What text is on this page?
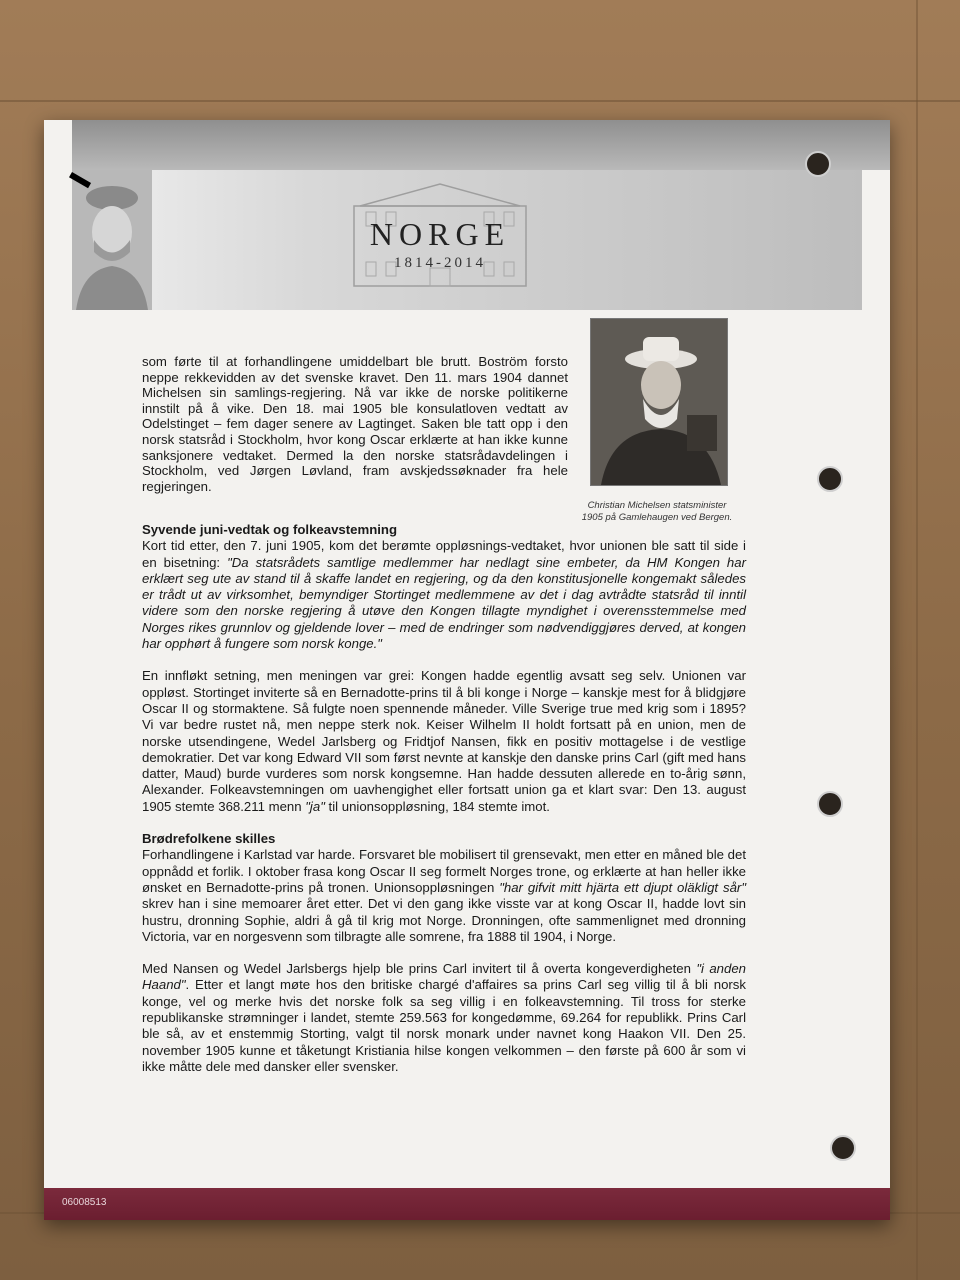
NORGE
1814-2014
Christian Michelsen statsminister
1905 på Gamlehaugen ved Bergen.

som førte til at forhandlingene umiddelbart ble brutt. Boström forsto neppe rekkevidden av det svenske kravet. Den 11. mars 1904 dannet Michelsen sin samlings-regjering. Nå var ikke de norske politikerne innstilt på å vike. Den 18. mai 1905 ble konsulatloven vedtatt av Odelstinget – fem dager senere av Lagtinget. Saken ble tatt opp i den norsk statsråd i Stockholm, hvor kong Oscar erklærte at han ikke kunne sanksjonere vedtaket. Dermed la den norske statsrådavdelingen i Stockholm, ved Jørgen Løvland, fram avskjedssøknader fra hele regjeringen.

Syvende juni-vedtak og folkeavstemning

Kort tid etter, den 7. juni 1905, kom det berømte oppløsnings-vedtaket, hvor unionen ble satt til side i en bisetning: "Da statsrådets samtlige medlemmer har nedlagt sine embeter, da HM Kongen har erklært seg ute av stand til å skaffe landet en regjering, og da den konstitusjonelle kongemakt således er trådt ut av virksomhet, bemyndiger Stortinget medlemmene av det i dag avtrådte statsråd til inntil videre som den norske regjering å utøve den Kongen tillagte myndighet i overensstemmelse med Norges rikes grunnlov og gjeldende lover – med de endringer som nødvendiggjøres derved, at kongen har opphørt å fungere som norsk konge."

En innfløkt setning, men meningen var grei: Kongen hadde egentlig avsatt seg selv. Unionen var oppløst. Stortinget inviterte så en Bernadotte-prins til å bli konge i Norge – kanskje mest for å blidgjøre Oscar II og stormaktene. Så fulgte noen spennende måneder. Ville Sverige true med krig som i 1895? Vi var bedre rustet nå, men neppe sterk nok. Keiser Wilhelm II holdt fortsatt på en union, men de norske utsendingene, Wedel Jarlsberg og Fridtjof Nansen, fikk en positiv mottagelse i de vestlige demokratier. Det var kong Edward VII som først nevnte at kanskje den danske prins Carl (gift med hans datter, Maud) burde vurderes som norsk kongsemne. Han hadde dessuten allerede en to-årig sønn, Alexander. Folkeavstemningen om uavhengighet eller fortsatt union ga et klart svar: Den 13. august 1905 stemte 368.211 menn "ja" til unionsoppløsning, 184 stemte imot.

Brødrefolkene skilles

Forhandlingene i Karlstad var harde. Forsvaret ble mobilisert til grensevakt, men etter en måned ble det oppnådd et forlik. I oktober frasa kong Oscar II seg formelt Norges trone, og erklærte at han heller ikke ønsket en Bernadotte-prins på tronen. Unionsoppløsningen "har gifvit mitt hjärta ett djupt oläkligt sår" skrev han i sine memoarer året etter. Det vi den gang ikke visste var at kong Oscar II, hadde lovt sin hustru, dronning Sophie, aldri å gå til krig mot Norge. Dronningen, ofte sammenlignet med dronning Victoria, var en norgesvenn som tilbragte alle somrene, fra 1888 til 1904, i Norge.

Med Nansen og Wedel Jarlsbergs hjelp ble prins Carl invitert til å overta kongeverdigheten "i anden Haand". Etter et langt møte hos den britiske chargé d'affaires sa prins Carl seg villig til å bli norsk konge, vel og merke hvis det norske folk sa seg villig i en folkeavstemning. Til tross for sterke republikanske strømninger i landet, stemte 259.563 for kongedømme, 69.264 for republikk. Prins Carl ble så, av et enstemmig Storting, valgt til norsk monark under navnet kong Haakon VII. Den 25. november 1905 kunne et tåketungt Kristiania hilse kongen velkommen – den første på 600 år som vi ikke måtte dele med dansker eller svensker.

06008513
